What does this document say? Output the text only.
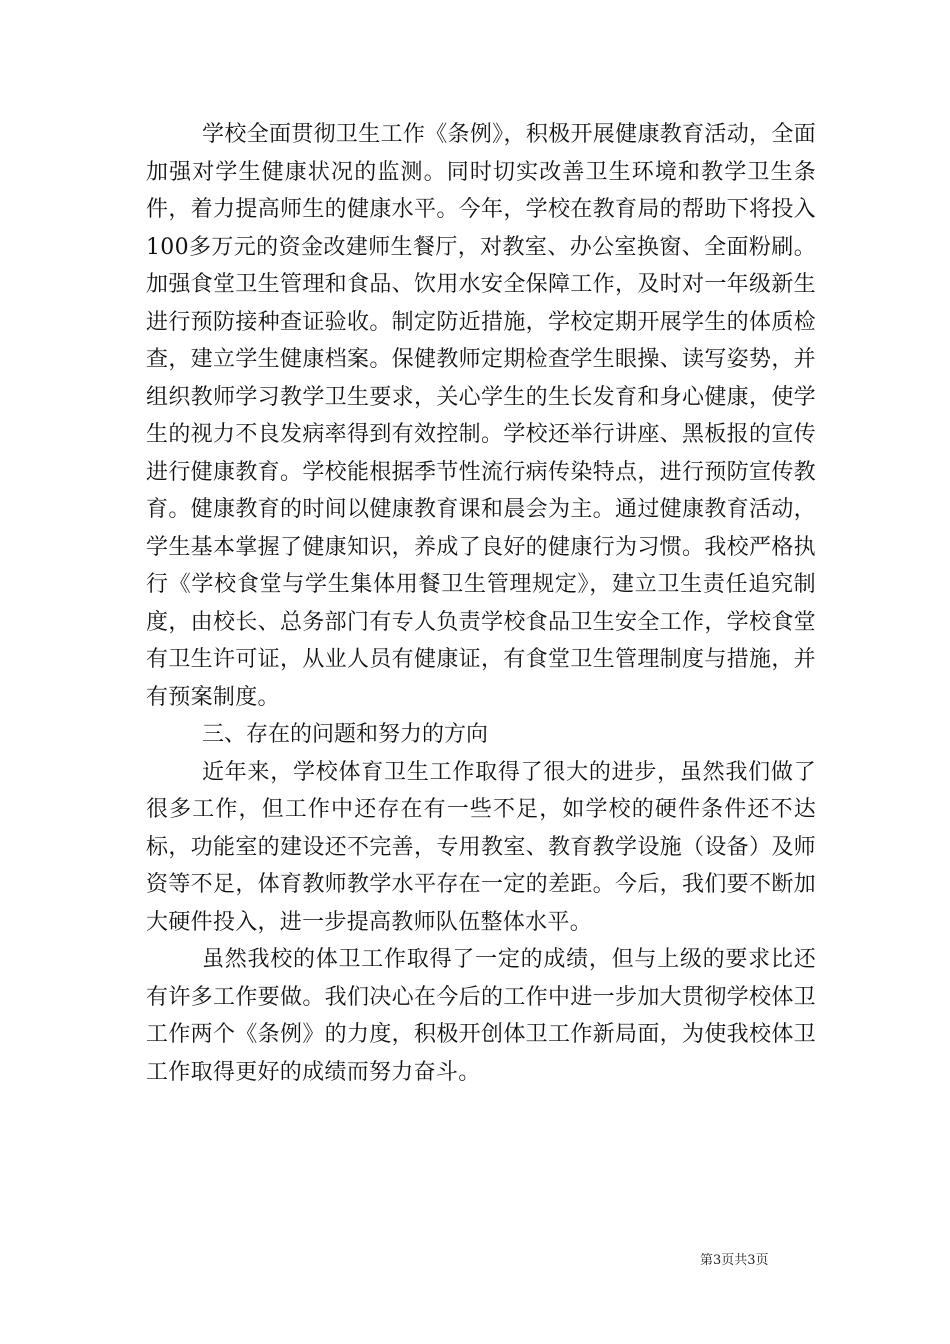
学校全面贯彻卫生工作《条例》，积极开展健康教育活动，全面加强对学生健康状况的监测。同时切实改善卫生环境和教学卫生条件，着力提高师生的健康水平。今年，学校在教育局的帮助下将投入100多万元的资金改建师生餐厅，对教室、办公室换窗、全面粉刷。加强食堂卫生管理和食品、饮用水安全保障工作，及时对一年级新生进行预防接种查证验收。制定防近措施，学校定期开展学生的体质检查，建立学生健康档案。保健教师定期检查学生眼操、读写姿势，并组织教师学习教学卫生要求，关心学生的生长发育和身心健康，使学生的视力不良发病率得到有效控制。学校还举行讲座、黑板报的宣传进行健康教育。学校能根据季节性流行病传染特点，进行预防宣传教育。健康教育的时间以健康教育课和晨会为主。通过健康教育活动，学生基本掌握了健康知识，养成了良好的健康行为习惯。我校严格执行《学校食堂与学生集体用餐卫生管理规定》，建立卫生责任追究制度，由校长、总务部门有专人负责学校食品卫生安全工作，学校食堂有卫生许可证，从业人员有健康证，有食堂卫生管理制度与措施，并有预案制度。

三、存在的问题和努力的方向

近年来，学校体育卫生工作取得了很大的进步，虽然我们做了很多工作，但工作中还存在有一些不足，如学校的硬件条件还不达标，功能室的建设还不完善，专用教室、教育教学设施（设备）及师资等不足，体育教师教学水平存在一定的差距。今后，我们要不断加大硬件投入，进一步提高教师队伍整体水平。

虽然我校的体卫工作取得了一定的成绩，但与上级的要求比还有许多工作要做。我们决心在今后的工作中进一步加大贯彻学校体卫工作两个《条例》的力度，积极开创体卫工作新局面，为使我校体卫工作取得更好的成绩而努力奋斗。

第3页共3页
